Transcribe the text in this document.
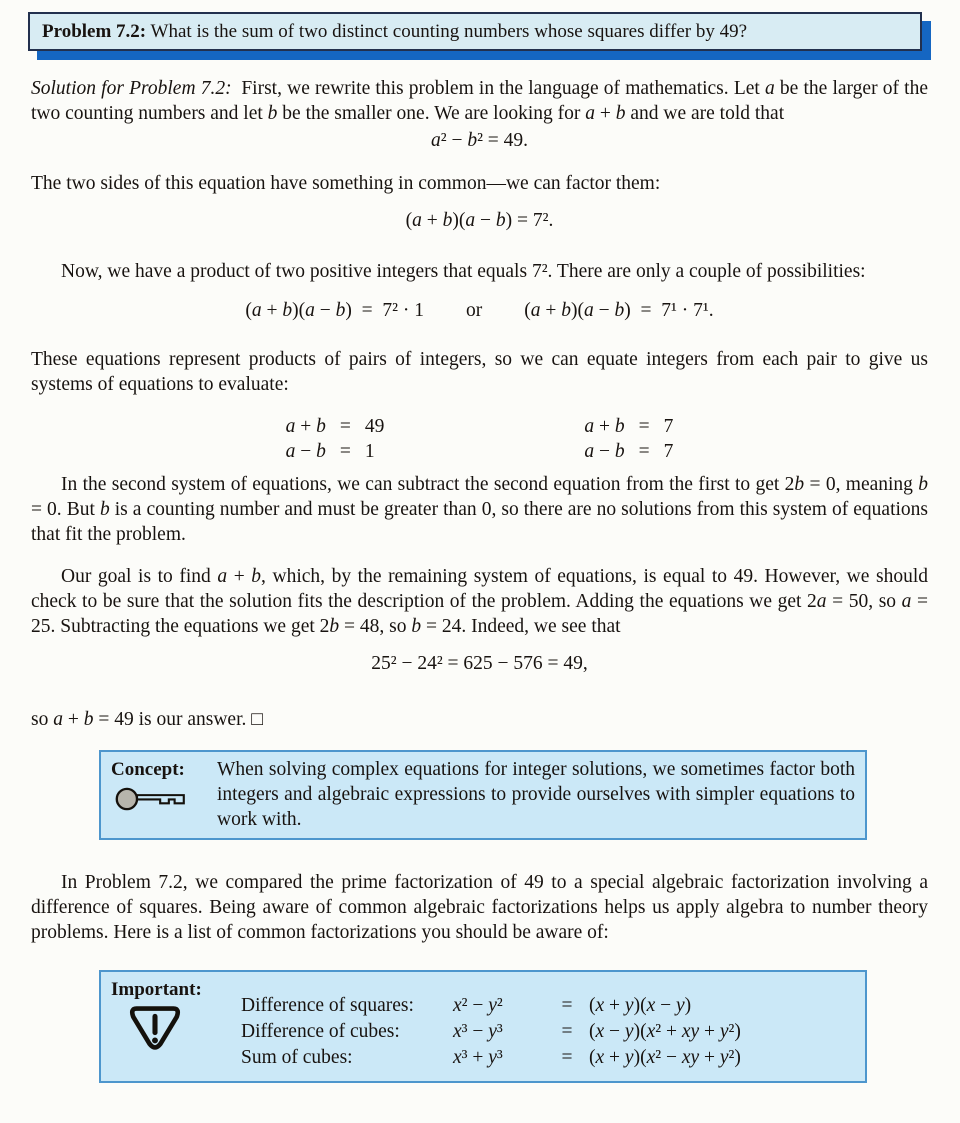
Problem 7.2: What is the sum of two distinct counting numbers whose squares differ by 49?

Solution for Problem 7.2: First, we rewrite this problem in the language of mathematics. Let a be the larger of the two counting numbers and let b be the smaller one. We are looking for a + b and we are told that

a² − b² = 49.

The two sides of this equation have something in common—we can factor them:

(a + b)(a − b) = 7².

Now, we have a product of two positive integers that equals 7². There are only a couple of possibilities:

(a + b)(a − b)  =  7² · 1 or (a + b)(a − b)  =  7¹ · 7¹.

These equations represent products of pairs of integers, so we can equate integers from each pair to give us systems of equations to evaluate:

a + b	=	49
a − b	=	1
a + b	=	7
a − b	=	7

In the second system of equations, we can subtract the second equation from the first to get 2b = 0, meaning b = 0. But b is a counting number and must be greater than 0, so there are no solutions from this system of equations that fit the problem.

Our goal is to find a + b, which, by the remaining system of equations, is equal to 49. However, we should check to be sure that the solution fits the description of the problem. Adding the equations we get 2a = 50, so a = 25. Subtracting the equations we get 2b = 48, so b = 24. Indeed, we see that

25² − 24² = 625 − 576 = 49,

so a + b = 49 is our answer. □

Concept:	When solving complex equations for integer solutions, we sometimes factor both integers and algebraic expressions to provide ourselves with simpler equations to work with.

In Problem 7.2, we compared the prime factorization of 49 to a special algebraic factorization involving a difference of squares. Being aware of common algebraic factorizations helps us apply algebra to number theory problems. Here is a list of common factorizations you should be aware of:

Important:
Difference of squares:	x² − y²	=	(x + y)(x − y)
Difference of cubes:	x³ − y³	=	(x − y)(x² + xy + y²)
Sum of cubes:	x³ + y³	=	(x + y)(x² − xy + y²)
